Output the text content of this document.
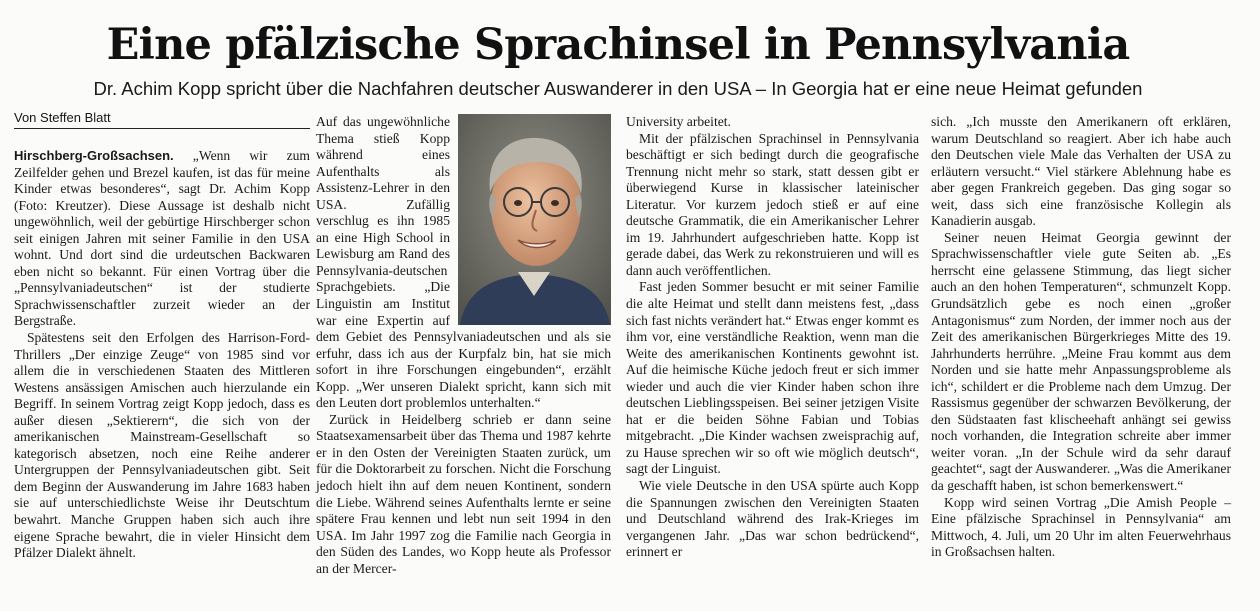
Eine pfälzische Sprachinsel in Pennsylvania
Dr. Achim Kopp spricht über die Nachfahren deutscher Auswanderer in den USA – In Georgia hat er eine neue Heimat gefunden
Von Steffen Blatt

Hirschberg-Großsachsen. „Wenn wir zum Zeilfelder gehen und Brezel kaufen, ist das für meine Kinder etwas besonderes“, sagt Dr. Achim Kopp (Foto: Kreutzer). Diese Aussage ist deshalb nicht ungewöhnlich, weil der gebürtige Hirschberger schon seit einigen Jahren mit seiner Familie in den USA wohnt. Und dort sind die urdeutschen Backwaren eben nicht so bekannt. Für einen Vortrag über die „Pennsylvaniadeutschen“ ist der studierte Sprachwissenschaftler zurzeit wieder an der Bergstraße.

Spätestens seit den Erfolgen des Harrison-Ford-Thrillers „Der einzige Zeuge“ von 1985 sind vor allem die in verschiedenen Staaten des Mittleren Westens ansässigen Amischen auch hierzulande ein Begriff. In seinem Vortrag zeigt Kopp jedoch, dass es außer diesen „Sektierern“, die sich von der amerikanischen Mainstream-Gesellschaft so kategorisch absetzen, noch eine Reihe anderer Untergruppen der Pennsylvaniadeutschen gibt. Seit dem Beginn der Auswanderung im Jahre 1683 haben sie auf unterschiedlichste Weise ihr Deutschtum bewahrt. Manche Gruppen haben sich auch ihre eigene Sprache bewahrt, die in vieler Hinsicht dem Pfälzer Dialekt ähnelt.

Auf das ungewöhnliche Thema stieß Kopp während eines Aufenthalts als Assistenz-Lehrer in den USA. Zufällig verschlug es ihn 1985 an eine High School in Lewisburg am Rand des Pennsylvania-deutschen Sprachgebiets. „Die Linguistin am Institut war eine Expertin auf dem Gebiet des Pennsylvaniadeutschen und als sie erfuhr, dass ich aus der Kurpfalz bin, hat sie mich sofort in ihre Forschungen eingebunden“, erzählt Kopp. „Wer unseren Dialekt spricht, kann sich mit den Leuten dort problemlos unterhalten.“

Zurück in Heidelberg schrieb er dann seine Staatsexamensarbeit über das Thema und 1987 kehrte er in den Osten der Vereinigten Staaten zurück, um für die Doktorarbeit zu forschen. Nicht die Forschung jedoch hielt ihn auf dem neuen Kontinent, sondern die Liebe. Während seines Aufenthalts lernte er seine spätere Frau kennen und lebt nun seit 1994 in den USA. Im Jahr 1997 zog die Familie nach Georgia in den Süden des Landes, wo Kopp heute als Professor an der Mercer-

University arbeitet.

Mit der pfälzischen Sprachinsel in Pennsylvania beschäftigt er sich bedingt durch die geografische Trennung nicht mehr so stark, statt dessen gibt er überwiegend Kurse in klassischer lateinischer Literatur. Vor kurzem jedoch stieß er auf eine deutsche Grammatik, die ein Amerikanischer Lehrer im 19. Jahrhundert aufgeschrieben hatte. Kopp ist gerade dabei, das Werk zu rekonstruieren und will es dann auch veröffentlichen.

Fast jeden Sommer besucht er mit seiner Familie die alte Heimat und stellt dann meistens fest, „dass sich fast nichts verändert hat.“ Etwas enger kommt es ihm vor, eine verständliche Reaktion, wenn man die Weite des amerikanischen Kontinents gewohnt ist. Auf die heimische Küche jedoch freut er sich immer wieder und auch die vier Kinder haben schon ihre deutschen Lieblingsspeisen. Bei seiner jetzigen Visite hat er die beiden Söhne Fabian und Tobias mitgebracht. „Die Kinder wachsen zweisprachig auf, zu Hause sprechen wir so oft wie möglich deutsch“, sagt der Linguist.

Wie viele Deutsche in den USA spürte auch Kopp die Spannungen zwischen den Vereinigten Staaten und Deutschland während des Irak-Krieges im vergangenen Jahr. „Das war schon bedrückend“, erinnert er

sich. „Ich musste den Amerikanern oft erklären, warum Deutschland so reagiert. Aber ich habe auch den Deutschen viele Male das Verhalten der USA zu erläutern versucht.“ Viel stärkere Ablehnung habe es aber gegen Frankreich gegeben. Das ging sogar so weit, dass sich eine französische Kollegin als Kanadierin ausgab.

Seiner neuen Heimat Georgia gewinnt der Sprachwissenschaftler viele gute Seiten ab. „Es herrscht eine gelassene Stimmung, das liegt sicher auch an den hohen Temperaturen“, schmunzelt Kopp. Grundsätzlich gebe es noch einen „großer Antagonismus“ zum Norden, der immer noch aus der Zeit des amerikanischen Bürgerkrieges Mitte des 19. Jahrhunderts herrühre. „Meine Frau kommt aus dem Norden und sie hatte mehr Anpassungsprobleme als ich“, schildert er die Probleme nach dem Umzug. Der Rassismus gegenüber der schwarzen Bevölkerung, der den Südstaaten fast klischeehaft anhängt sei gewiss noch vorhanden, die Integration schreite aber immer weiter voran. „In der Schule wird da sehr darauf geachtet“, sagt der Auswanderer. „Was die Amerikaner da geschafft haben, ist schon bemerkenswert.“

Kopp wird seinen Vortrag „Die Amish People – Eine pfälzische Sprachinsel in Pennsylvania“ am Mittwoch, 4. Juli, um 20 Uhr im alten Feuerwehrhaus in Großsachsen halten.
